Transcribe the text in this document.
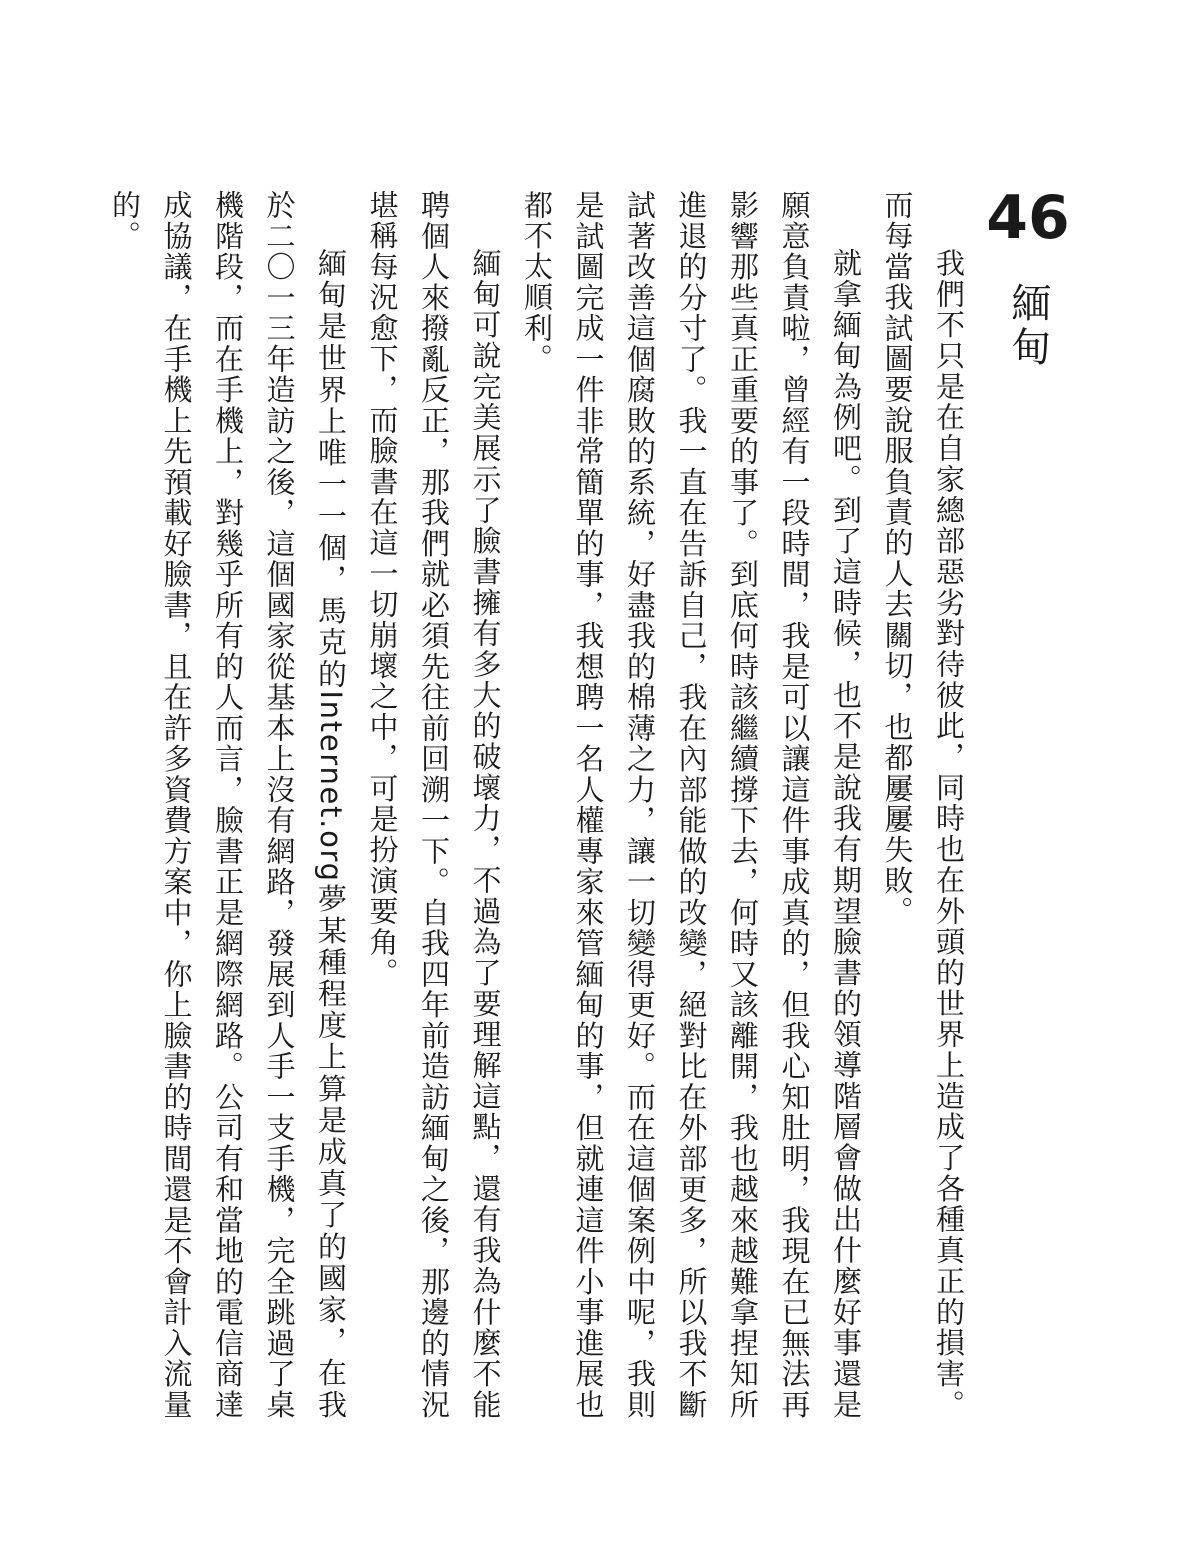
46
緬甸

我們不只是在自家總部惡劣對待彼此，同時也在外頭的世界上造成了各種真正的損害。而每當我試圖要說服負責的人去關切，也都屢屢失敗。

就拿緬甸為例吧。到了這時候，也不是說我有期望臉書的領導階層會做出什麼好事還是願意負責啦，曾經有一段時間，我是可以讓這件事成真的，但我心知肚明，我現在已無法再影響那些真正重要的事了。到底何時該繼續撐下去，何時又該離開，我也越來越難拿捏知所進退的分寸了。我一直在告訴自己，我在內部能做的改變，絕對比在外部更多，所以我不斷試著改善這個腐敗的系統，好盡我的棉薄之力，讓一切變得更好。而在這個案例中呢，我則是試圖完成一件非常簡單的事，我想聘一名人權專家來管緬甸的事，但就連這件小事進展也都不太順利。

緬甸可說完美展示了臉書擁有多大的破壞力，不過為了要理解這點，還有我為什麼不能聘個人來撥亂反正，那我們就必須先往前回溯一下。自我四年前造訪緬甸之後，那邊的情況堪稱每況愈下，而臉書在這一切崩壞之中，可是扮演要角。

緬甸是世界上唯一一個，馬克的Internet.org夢某種程度上算是成真了的國家，在我於二〇一三年造訪之後，這個國家從基本上沒有網路，發展到人手一支手機，完全跳過了桌機階段，而在手機上，對幾乎所有的人而言，臉書正是網際網路。公司有和當地的電信商達成協議，在手機上先預載好臉書，且在許多資費方案中，你上臉書的時間還是不會計入流量的。
